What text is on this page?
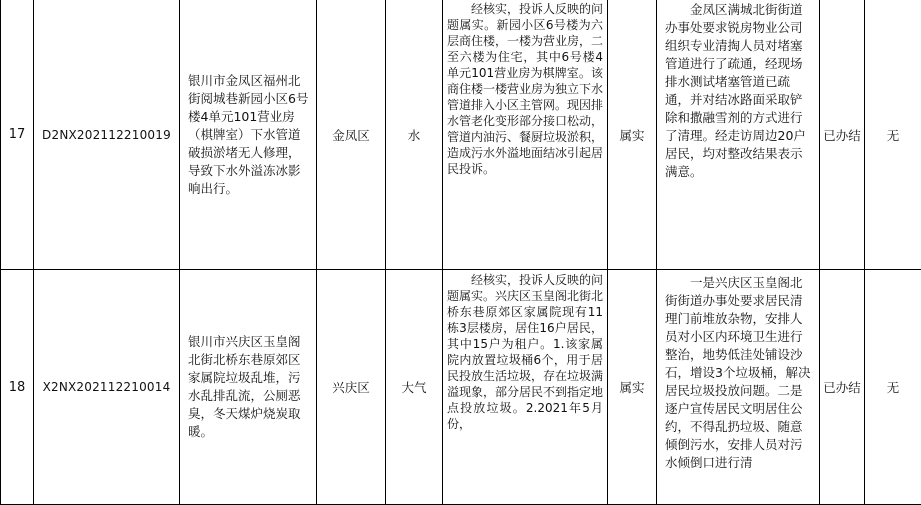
17	D2NX202112210019	银川市金凤区福州北街阅城巷新园小区6号楼4单元101营业房（棋牌室）下水管道破损淤堵无人修理，导致下水外溢冻冰影响出行。	金凤区	水	经核实，投诉人反映的问题属实。新园小区6号楼为六层商住楼，一楼为营业房，二至六楼为住宅，其中6号楼4单元101营业房为棋牌室。该商住楼一楼营业房为独立下水管道排入小区主管网。现因排水管老化变形部分接口松动，管道内油污、餐厨垃圾淤积，造成污水外溢地面结冰引起居民投诉。	属实	金凤区满城北街街道办事处要求锐房物业公司组织专业清掏人员对堵塞管道进行了疏通，经现场排水测试堵塞管道已疏通，并对结冰路面采取铲除和撒融雪剂的方式进行了清理。经走访周边20户居民，均对整改结果表示满意。	已办结	无
18	X2NX202112210014	银川市兴庆区玉皇阁北街北桥东巷原郊区家属院垃圾乱堆，污水乱排乱流，公厕恶臭，冬天煤炉烧炭取暖。	兴庆区	大气	经核实，投诉人反映的问题属实。兴庆区玉皇阁北街北桥东巷原郊区家属院现有11栋3层楼房，居住16户居民，其中15户为租户。1.该家属院内放置垃圾桶6个，用于居民投放生活垃圾，存在垃圾满溢现象，部分居民不到指定地点投放垃圾。2.2021年5月份，	属实	一是兴庆区玉皇阁北街街道办事处要求居民清理门前堆放杂物，安排人员对小区内环境卫生进行整治，地势低洼处铺设沙石，增设3个垃圾桶，解决居民垃圾投放问题。二是逐户宣传居民文明居住公约，不得乱扔垃圾、随意倾倒污水，安排人员对污水倾倒口进行清	已办结	无
